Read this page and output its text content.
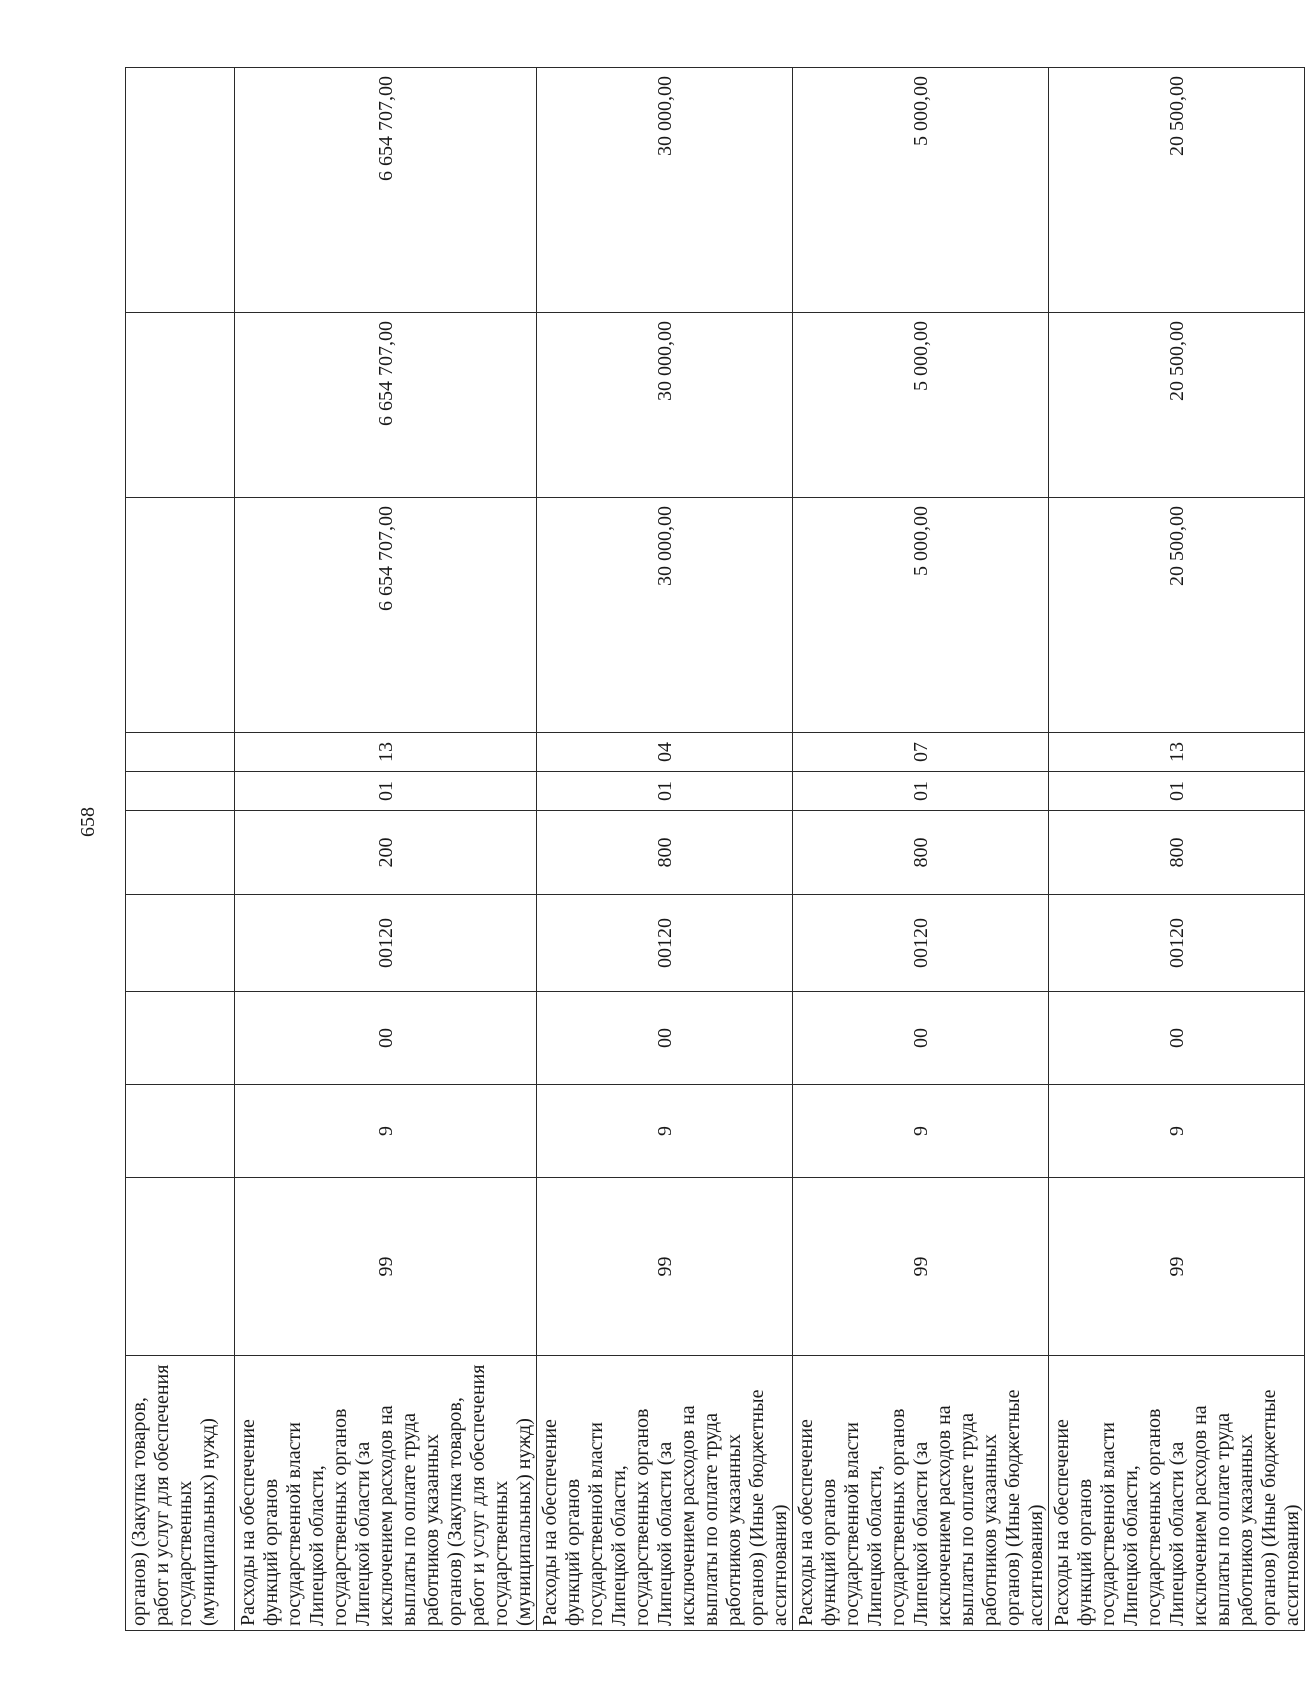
658
органов) (Закупка товаров, работ и услуг для обеспечения государственных (муниципальных) нужд)										
Расходы на обеспечение функций органов государственной власти Липецкой области, государственных органов Липецкой области (за исключением расходов на выплаты по оплате труда работников указанных органов) (Закупка товаров, работ и услуг для обеспечения государственных (муниципальных) нужд)	99	9	00	00120	200	01	13	6 654 707,00	6 654 707,00	6 654 707,00
Расходы на обеспечение функций органов государственной власти Липецкой области, государственных органов Липецкой области (за исключением расходов на выплаты по оплате труда работников указанных органов) (Иные бюджетные ассигнования)	99	9	00	00120	800	01	04	30 000,00	30 000,00	30 000,00
Расходы на обеспечение функций органов государственной власти Липецкой области, государственных органов Липецкой области (за исключением расходов на выплаты по оплате труда работников указанных органов) (Иные бюджетные ассигнования)	99	9	00	00120	800	01	07	5 000,00	5 000,00	5 000,00
Расходы на обеспечение функций органов государственной власти Липецкой области, государственных органов Липецкой области (за исключением расходов на выплаты по оплате труда работников указанных органов) (Иные бюджетные ассигнования)	99	9	00	00120	800	01	13	20 500,00	20 500,00	20 500,00
